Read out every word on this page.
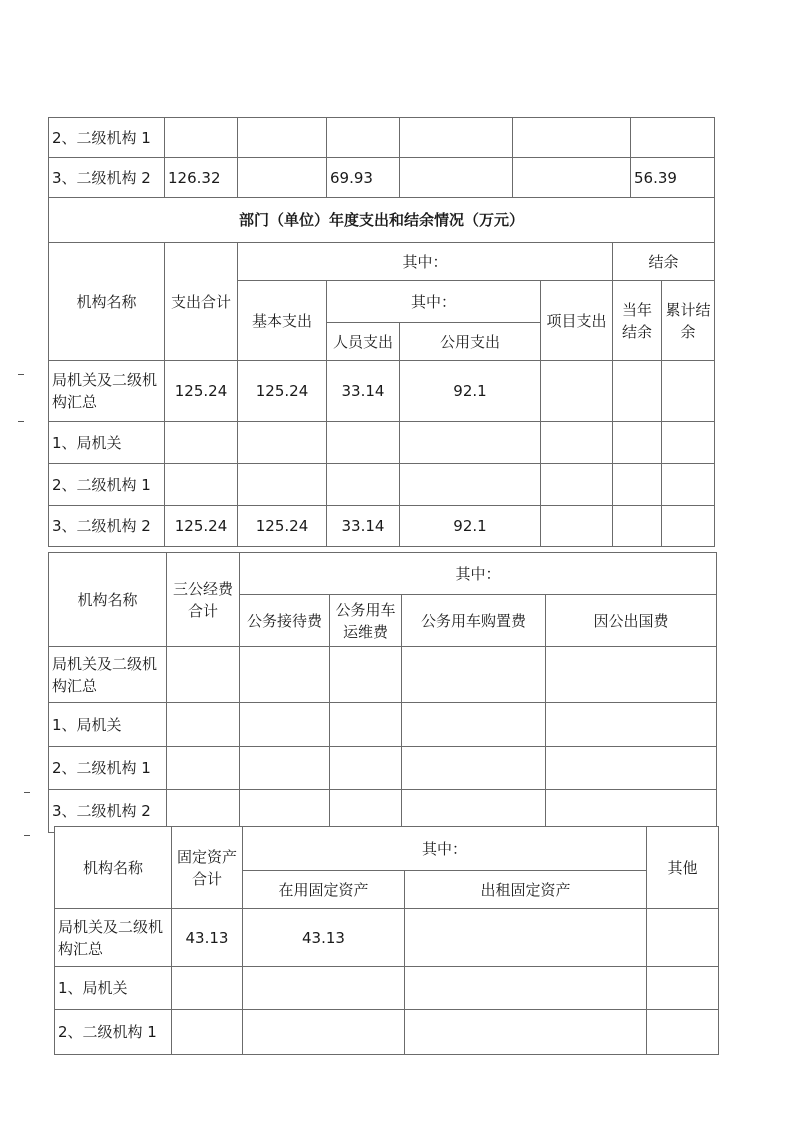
2、二级机构 1						
3、二级机构 2	126.32		69.93			56.39
部门（单位）年度支出和结余情况（万元）							
机构名称	支出合计	其中：				结余	
		基本支出	其中：		项目支出	当年结余	累计结余
			人员支出	公用支出			
局机关及二级机构汇总	125.24	125.24	33.14	92.1			
1、局机关							
2、二级机构 1							
3、二级机构 2	125.24	125.24	33.14	92.1			
机构名称	三公经费合计	其中：			
		公务接待费	公务用车运维费	公务用车购置费	因公出国费
局机关及二级机构汇总					
1、局机关					
2、二级机构 1					
3、二级机构 2					
机构名称	固定资产合计	其中：		其他
		在用固定资产	出租固定资产	
局机关及二级机构汇总	43.13	43.13		
1、局机关				
2、二级机构 1				
